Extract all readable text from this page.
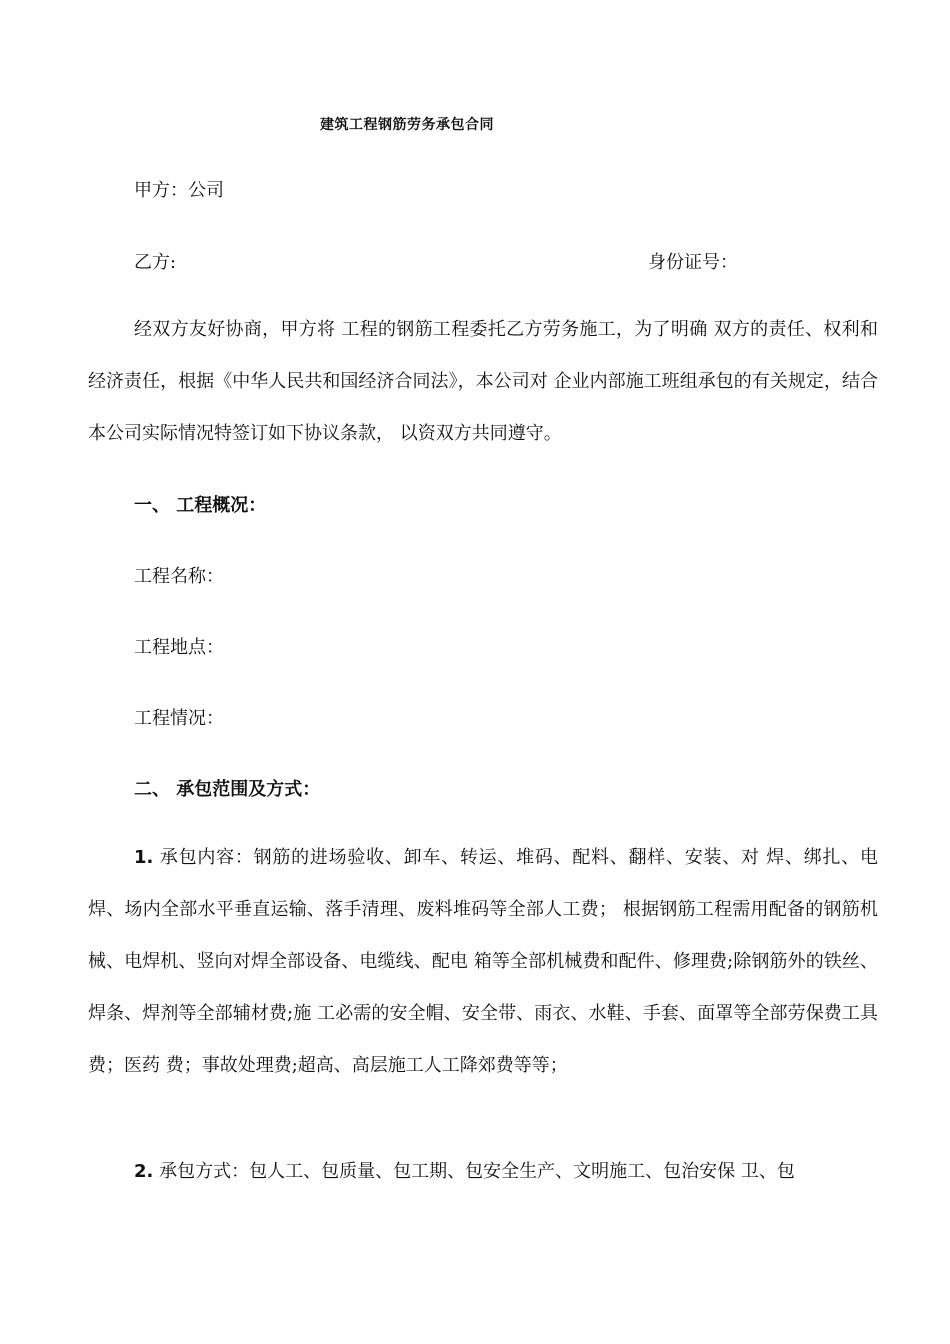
建筑工程钢筋劳务承包合同
甲方：公司
乙方:	身份证号：
经双方友好协商，甲方将 工程的钢筋工程委托乙方劳务施工，为了明确 双方的责任、权利和经济责任，根据《中华人民共和国经济合同法》，本公司对 企业内部施工班组承包的有关规定，结合本公司实际情况特签订如下协议条款， 以资双方共同遵守。
一、 工程概况：
工程名称：
工程地点：
工程情况：
二、 承包范围及方式：
1. 承包内容：钢筋的进场验收、卸车、转运、堆码、配料、翻样、安装、对 焊、绑扎、电焊、场内全部水平垂直运输、落手清理、废料堆码等全部人工费； 根据钢筋工程需用配备的钢筋机械、电焊机、竖向对焊全部设备、电缆线、配电 箱等全部机械费和配件、修理费;除钢筋外的铁丝、焊条、焊剂等全部辅材费;施 工必需的安全帽、安全带、雨衣、水鞋、手套、面罩等全部劳保费工具费；医药 费；事故处理费;超高、高层施工人工降郊费等等；
2. 承包方式：包人工、包质量、包工期、包安全生产、文明施工、包治安保 卫、包
